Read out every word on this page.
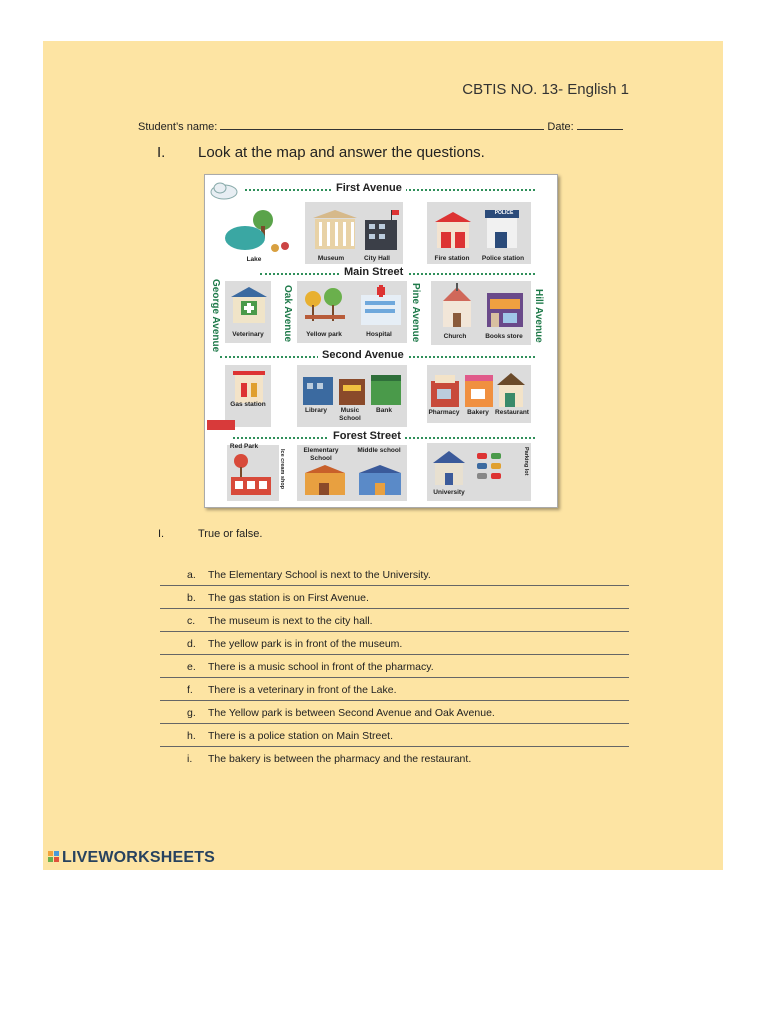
CBTIS NO. 13- English 1
Student’s name:	Date:
I. Look at the map and answer the questions.
First Avenue
Main Street
Second Avenue
Forest Street
George Avenue	Oak Avenue	Pine Avenue	Hill Avenue
Lake	Museum	City Hall
POLICE
Fire station	Police station
Veterinary	Yellow park	Hospital	Church	Books store
Gas station
Library	Music School
Bank	Pharmacy	Bakery Restaurant
Red Park
Ice cream shop	Elementary School
Middle school
University
Parking lot
I.	True or false.
a. The Elementary School is next to the University.
b. The gas station is on First Avenue.
c. The museum is next to the city hall.
d. The yellow park is in front of the museum.
e. There is a music school in front of the pharmacy.
f. There is a veterinary in front of the Lake.
g. The Yellow park is between Second Avenue and Oak Avenue.
h. There is a police station on Main Street.
i. The bakery is between the pharmacy and the restaurant.
LIVEWORKSHEETS
